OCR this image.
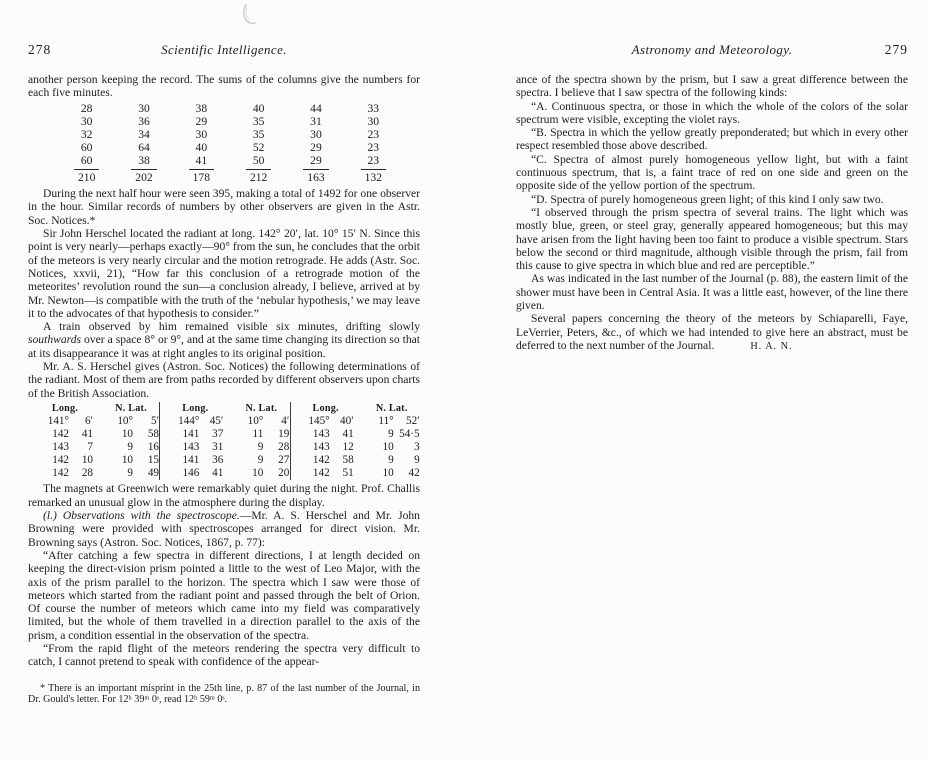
278	Scientific Intelligence.

another person keeping the record. The sums of the columns give the numbers for each five minutes.

28	30	38	40	44	33
30	36	29	35	31	30
32	34	30	35	30	23
60	64	40	52	29	23
60	38	41	50	29	23
210	202	178	212	163	132

During the next half hour were seen 395, making a total of 1492 for one observer in the hour. Similar records of numbers by other observers are given in the Astr. Soc. Notices.*

Sir John Herschel located the radiant at long. 142° 20′, lat. 10° 15′ N. Since this point is very nearly—perhaps exactly—90° from the sun, he concludes that the orbit of the meteors is very nearly circular and the motion retrograde. He adds (Astr. Soc. Notices, xxvii, 21), “How far this conclusion of a retrograde motion of the meteorites’ revolution round the sun—a conclusion already, I believe, arrived at by Mr. Newton—is compatible with the truth of the ‘nebular hypothesis,’ we may leave it to the advocates of that hypothesis to consider.”

A train observed by him remained visible six minutes, drifting slowly southwards over a space 8° or 9°, and at the same time changing its direction so that at its disappearance it was at right angles to its original position.

Mr. A. S. Herschel gives (Astron. Soc. Notices) the following determinations of the radiant. Most of them are from paths recorded by different observers upon charts of the British Association.

Long.	N. Lat.
141°	6′	10°	5′
142	41	10	58
143	7	9	16
142	10	10	15
142	28	9	49
Long.	N. Lat.
144° 45′	10°	4′
141	37	11	19
143	31	9	28
141	36	9	27
146	41	10	20
Long.	N. Lat.
145° 40′	11°	52′
143	41	9 54·5
143	12	10	3
142	58	9	9
142	51	10	42

The magnets at Greenwich were remarkably quiet during the night. Prof. Challis remarked an unusual glow in the atmosphere during the display.

(l.) Observations with the spectroscope.—Mr. A. S. Herschel and Mr. John Browning were provided with spectroscopes arranged for direct vision. Mr. Browning says (Astron. Soc. Notices, 1867, p. 77):

“After catching a few spectra in different directions, I at length decided on keeping the direct-vision prism pointed a little to the west of Leo Major, with the axis of the prism parallel to the horizon. The spectra which I saw were those of meteors which started from the radiant point and passed through the belt of Orion. Of course the number of meteors which came into my field was comparatively limited, but the whole of them travelled in a direction parallel to the axis of the prism, a condition essential in the observation of the spectra.

“From the rapid flight of the meteors rendering the spectra very difficult to catch, I cannot pretend to speak with confidence of the appear-

* There is an important misprint in the 25th line, p. 87 of the last number of the Journal, in Dr. Gould's letter. For 12ʰ 39ᵐ 0ˢ, read 12ʰ 59ᵐ 0ˢ.

Astronomy and Meteorology.	279

ance of the spectra shown by the prism, but I saw a great difference between the spectra. I believe that I saw spectra of the following kinds:

“A. Continuous spectra, or those in which the whole of the colors of the solar spectrum were visible, excepting the violet rays.

“B. Spectra in which the yellow greatly preponderated; but which in every other respect resembled those above described.

“C. Spectra of almost purely homogeneous yellow light, but with a faint continuous spectrum, that is, a faint trace of red on one side and green on the opposite side of the yellow portion of the spectrum.

“D. Spectra of purely homogeneous green light; of this kind I only saw two.

“I observed through the prism spectra of several trains. The light which was mostly blue, green, or steel gray, generally appeared homogeneous; but this may have arisen from the light having been too faint to produce a visible spectrum. Stars below the second or third magnitude, although visible through the prism, fail from this cause to give spectra in which blue and red are perceptible.”

As was indicated in the last number of the Journal (p. 88), the eastern limit of the shower must have been in Central Asia. It was a little east, however, of the line there given.

Several papers concerning the theory of the meteors by Schiaparelli, Faye, LeVerrier, Peters, &c., of which we had intended to give here an abstract, must be deferred to the next number of the Journal.	H. A. N.
